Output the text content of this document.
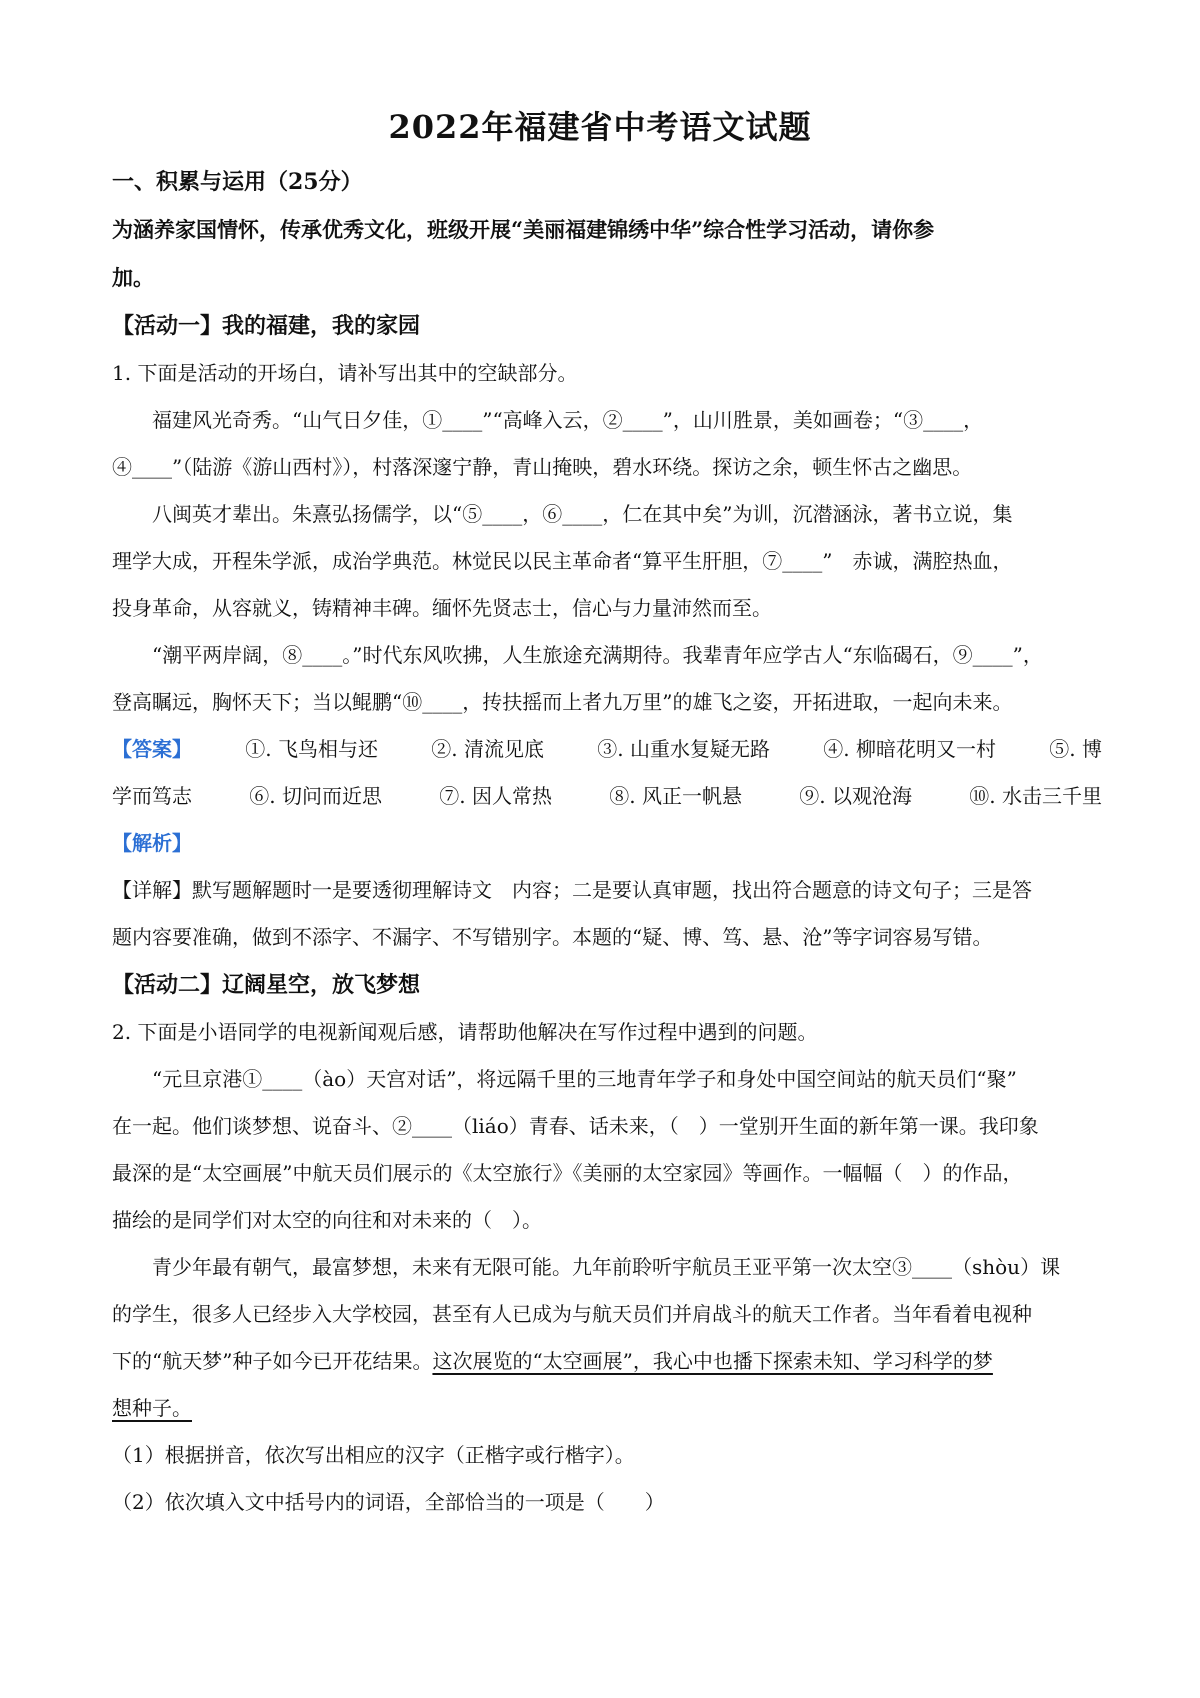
2022年福建省中考语文试题
一、积累与运用（25分）
为涵养家国情怀，传承优秀文化，班级开展“美丽福建锦绣中华”综合性学习活动，请你参
加。
【活动一】我的福建，我的家园
1. 下面是活动的开场白，请补写出其中的空缺部分。
福建风光奇秀。“山气日夕佳，①____”“高峰入云，②____”，山川胜景，美如画卷；“③____，
④____”（陆游《游山西村》），村落深邃宁静，青山掩映，碧水环绕。探访之余，顿生怀古之幽思。
八闽英才辈出。朱熹弘扬儒学，以“⑤____，⑥____，仁在其中矣”为训，沉潜涵泳，著书立说，集
理学大成，开程朱学派，成治学典范。林觉民以民主革命者“算平生肝胆，⑦____”　赤诚，满腔热血，
投身革命，从容就义，铸精神丰碑。缅怀先贤志士，信心与力量沛然而至。
“潮平两岸阔，⑧____。”时代东风吹拂，人生旅途充满期待。我辈青年应学古人“东临碣石，⑨____”，
登高瞩远，胸怀天下；当以鲲鹏“⑩____，抟扶摇而上者九万里”的雄飞之姿，开拓进取，一起向未来。
【答案】	①. 飞鸟相与还	②. 清流见底	③. 山重水复疑无路	④. 柳暗花明又一村	⑤. 博
学而笃志	⑥. 切问而近思	⑦. 因人常热	⑧. 风正一帆悬	⑨. 以观沧海	⑩. 水击三千里
【解析】
【详解】默写题解题时一是要透彻理解诗文　内容；二是要认真审题，找出符合题意的诗文句子；三是答
题内容要准确，做到不添字、不漏字、不写错别字。本题的“疑、博、笃、悬、沧”等字词容易写错。
【活动二】辽阔星空，放飞梦想
2. 下面是小语同学的电视新闻观后感，请帮助他解决在写作过程中遇到的问题。
“元旦京港①____（ào）天宫对话”，将远隔千里的三地青年学子和身处中国空间站的航天员们“聚”
在一起。他们谈梦想、说奋斗、②____（liáo）青春、话未来，（　）一堂别开生面的新年第一课。我印象
最深的是“太空画展”中航天员们展示的《太空旅行》《美丽的太空家园》等画作。一幅幅（　）的作品，
描绘的是同学们对太空的向往和对未来的（　）。
青少年最有朝气，最富梦想，未来有无限可能。九年前聆听宇航员王亚平第一次太空③____（shòu）课
的学生，很多人已经步入大学校园，甚至有人已成为与航天员们并肩战斗的航天工作者。当年看着电视种
下的“航天梦”种子如今已开花结果。这次展览的“太空画展”，我心中也播下探索未知、学习科学的梦
想种子。
（1）根据拼音，依次写出相应的汉字（正楷字或行楷字）。
（2）依次填入文中括号内的词语，全部恰当的一项是（　　）
